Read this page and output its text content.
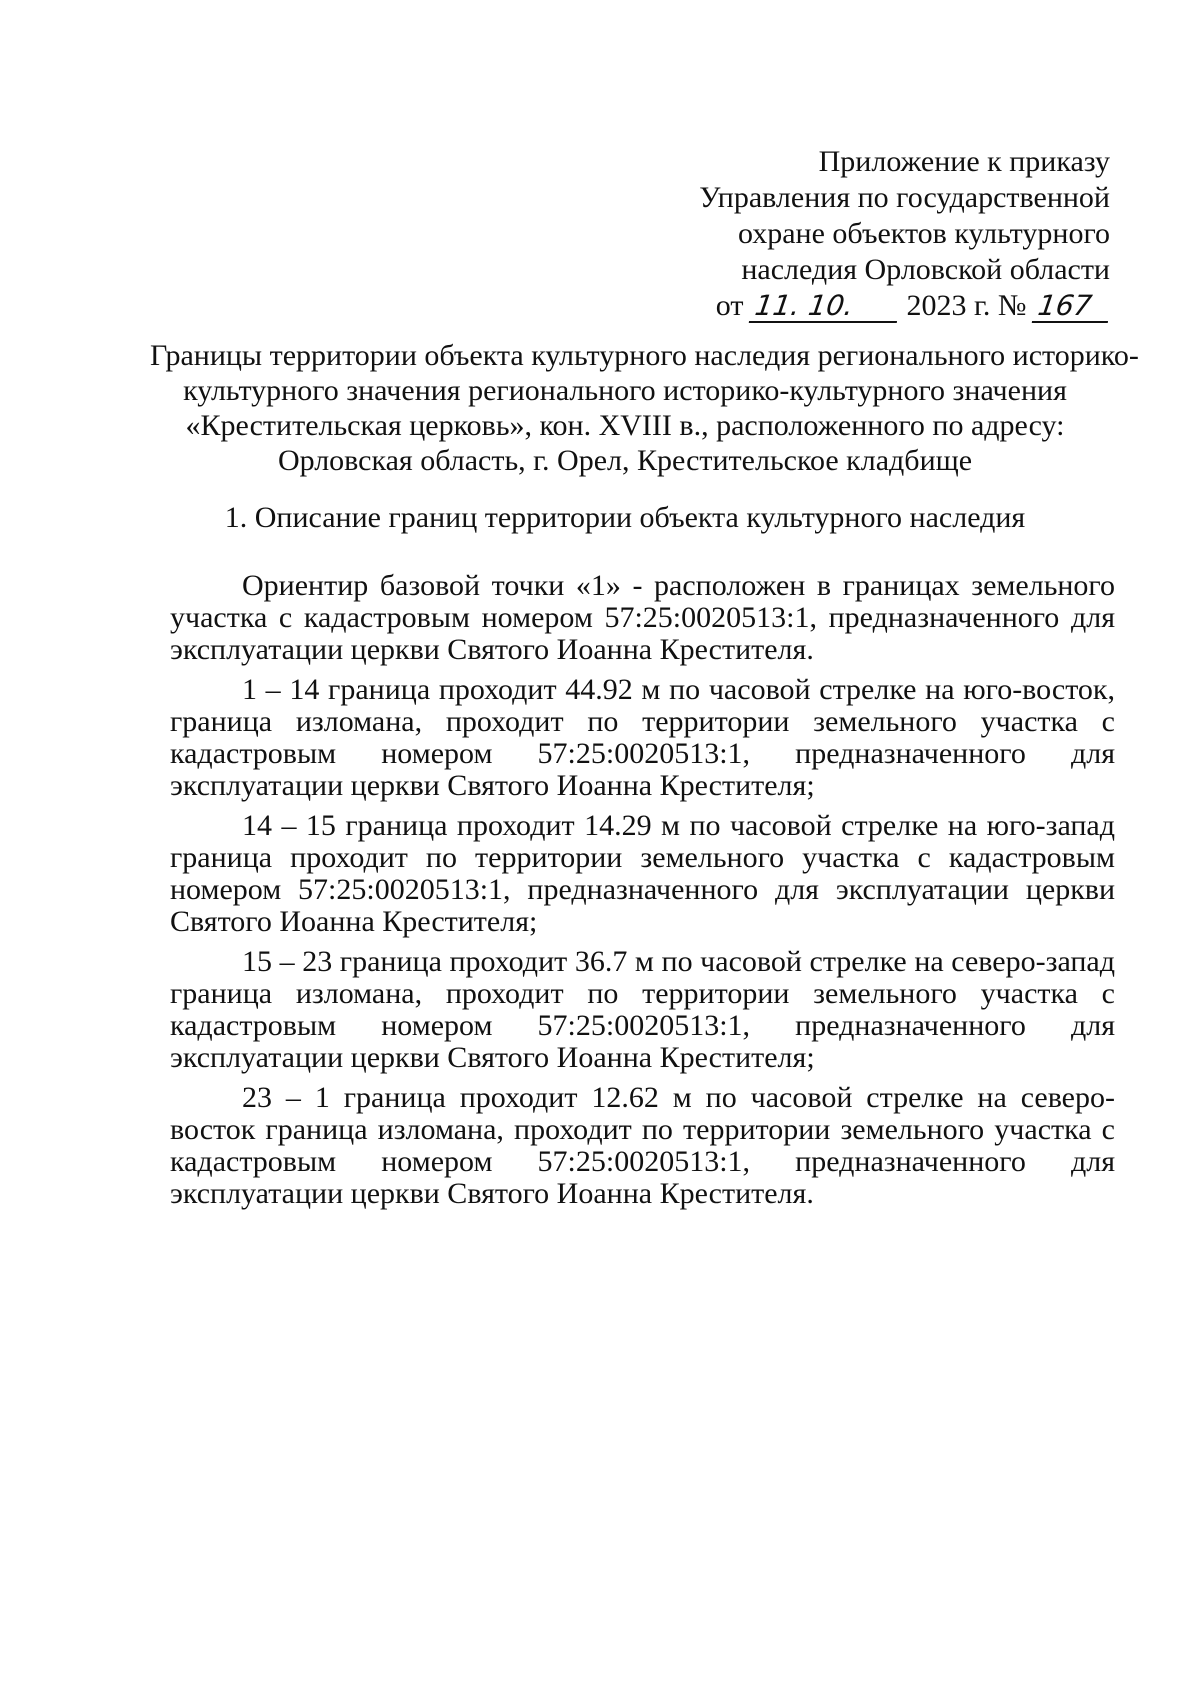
Приложение к приказу
Управления по государственной
охране объектов культурного
наследия Орловской области
от 11. 10. 2023 г. № 167
Границы территории объекта культурного наследия регионального историко-
культурного значения регионального историко-культурного значения
«Крестительская церковь», кон. XVIII в., расположенного по адресу:
Орловская область, г. Орел, Крестительское кладбище
1. Описание границ территории объекта культурного наследия

Ориентир базовой точки «1» - расположен в границах земельного участка с кадастровым номером 57:25:0020513:1, предназначенного для эксплуатации церкви Святого Иоанна Крестителя.

1 – 14 граница проходит 44.92 м по часовой стрелке на юго-восток, граница изломана, проходит по территории земельного участка с кадастровым номером 57:25:0020513:1, предназначенного для эксплуатации церкви Святого Иоанна Крестителя;

14 – 15 граница проходит 14.29 м по часовой стрелке на юго-запад граница проходит по территории земельного участка с кадастровым номером 57:25:0020513:1, предназначенного для эксплуатации церкви Святого Иоанна Крестителя;

15 – 23 граница проходит 36.7 м по часовой стрелке на северо-запад граница изломана, проходит по территории земельного участка с кадастровым номером 57:25:0020513:1, предназначенного для эксплуатации церкви Святого Иоанна Крестителя;

23 – 1 граница проходит 12.62 м по часовой стрелке на северо-восток граница изломана, проходит по территории земельного участка с кадастровым номером 57:25:0020513:1, предназначенного для эксплуатации церкви Святого Иоанна Крестителя.
